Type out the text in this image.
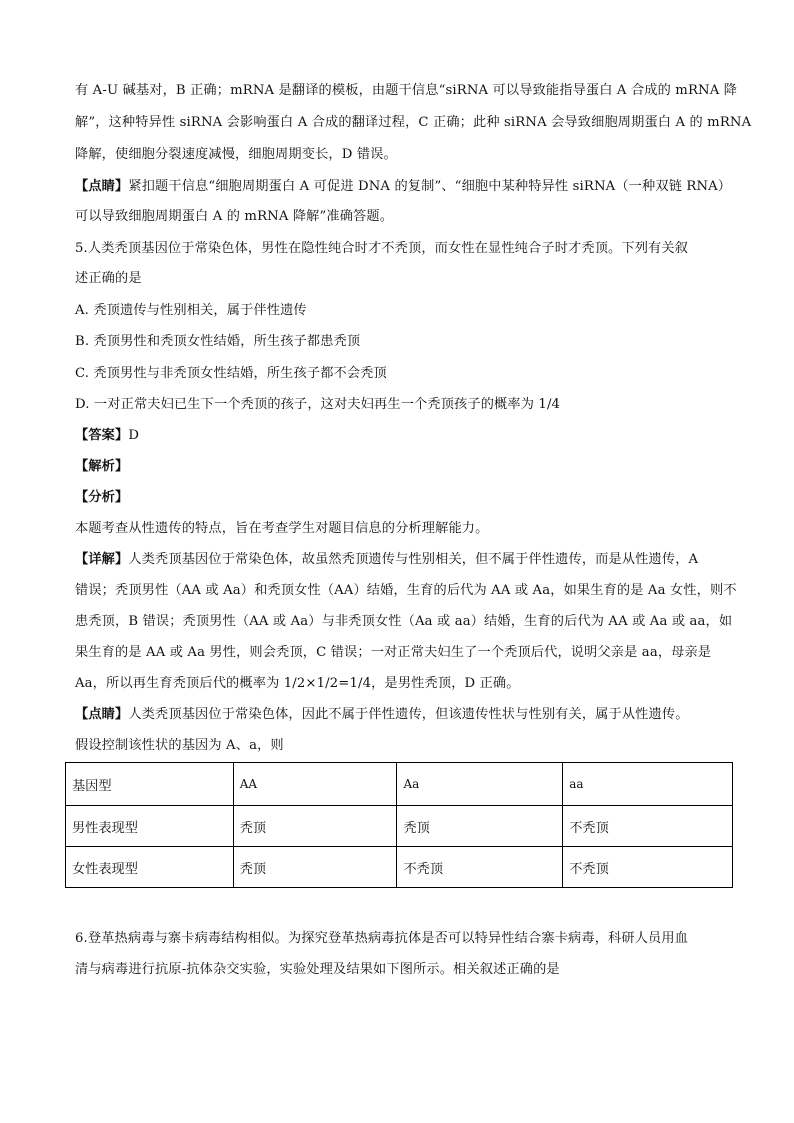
有 A-U 碱基对，B 正确；mRNA 是翻译的模板，由题干信息“siRNA 可以导致能指导蛋白 A 合成的 mRNA 降
解”，这种特异性 siRNA 会影响蛋白 A 合成的翻译过程，C 正确；此种 siRNA 会导致细胞周期蛋白 A 的 mRNA
降解，使细胞分裂速度减慢，细胞周期变长，D 错误。
【点睛】紧扣题干信息“细胞周期蛋白 A 可促进 DNA 的复制”、“细胞中某种特异性 siRNA（一种双链 RNA）
可以导致细胞周期蛋白 A 的 mRNA 降解”准确答题。
5.人类秃顶基因位于常染色体，男性在隐性纯合时才不秃顶，而女性在显性纯合子时才秃顶。下列有关叙
述正确的是
A. 秃顶遗传与性别相关，属于伴性遗传
B. 秃顶男性和秃顶女性结婚，所生孩子都患秃顶
C. 秃顶男性与非秃顶女性结婚，所生孩子都不会秃顶
D. 一对正常夫妇已生下一个秃顶的孩子，这对夫妇再生一个秃顶孩子的概率为 1/4
【答案】D
【解析】
【分析】
本题考查从性遗传的特点，旨在考查学生对题目信息的分析理解能力。
【详解】人类秃顶基因位于常染色体，故虽然秃顶遗传与性别相关，但不属于伴性遗传，而是从性遗传，A
错误；秃顶男性（AA 或 Aa）和秃顶女性（AA）结婚，生育的后代为 AA 或 Aa，如果生育的是 Aa 女性，则不
患秃顶，B 错误；秃顶男性（AA 或 Aa）与非秃顶女性（Aa 或 aa）结婚，生育的后代为 AA 或 Aa 或 aa，如
果生育的是 AA 或 Aa 男性，则会秃顶，C 错误；一对正常夫妇生了一个秃顶后代，说明父亲是 aa，母亲是
Aa，所以再生育秃顶后代的概率为 1/2×1/2=1/4，是男性秃顶，D 正确。
【点睛】人类秃顶基因位于常染色体，因此不属于伴性遗传，但该遗传性状与性别有关，属于从性遗传。
假设控制该性状的基因为 A、a，则
基因型	AA	Aa	aa
男性表现型	秃顶	秃顶	不秃顶
女性表现型	秃顶	不秃顶	不秃顶
6.登革热病毒与寨卡病毒结构相似。为探究登革热病毒抗体是否可以特异性结合寨卡病毒，科研人员用血
清与病毒进行抗原-抗体杂交实验，实验处理及结果如下图所示。相关叙述正确的是
